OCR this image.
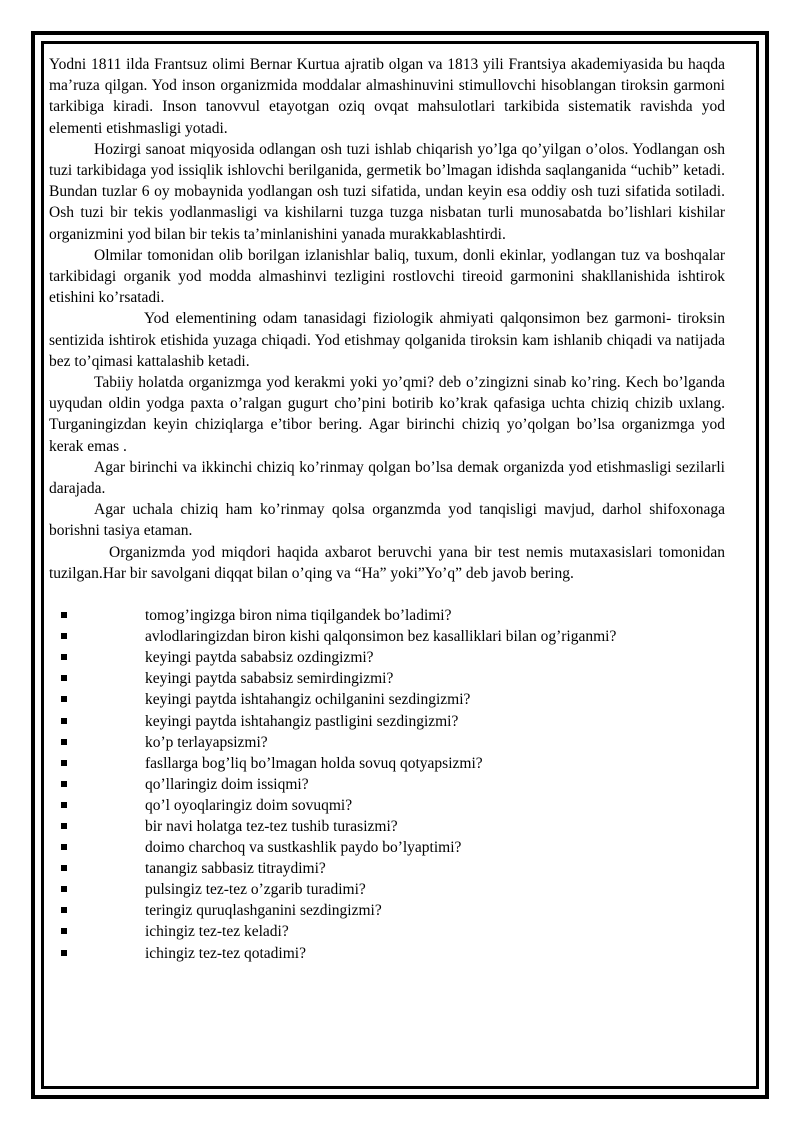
Yodni 1811 ilda Frantsuz olimi Bernar Kurtua ajratib olgan va 1813 yili Frantsiya akademiyasida bu haqda ma’ruza qilgan. Yod inson organizmida moddalar almashinuvini stimullovchi hisoblangan tiroksin garmoni tarkibiga kiradi. Inson tanovvul etayotgan oziq ovqat mahsulotlari tarkibida sistematik ravishda yod elementi etishmasligi yotadi.

Hozirgi sanoat miqyosida odlangan osh tuzi ishlab chiqarish yo’lga qo’yilgan o’olos. Yodlangan osh tuzi tarkibidaga yod issiqlik ishlovchi berilganida, germetik bo’lmagan idishda saqlanganida “uchib” ketadi. Bundan tuzlar 6 oy mobaynida yodlangan osh tuzi sifatida, undan keyin esa oddiy osh tuzi sifatida sotiladi. Osh tuzi bir tekis yodlanmasligi va kishilarni tuzga tuzga nisbatan turli munosabatda bo’lishlari kishilar organizmini yod bilan bir tekis ta’minlanishini yanada murakkablashtirdi.

Olmilar tomonidan olib borilgan izlanishlar baliq, tuxum, donli ekinlar, yodlangan tuz va boshqalar tarkibidagi organik yod modda almashinvi tezligini rostlovchi tireoid garmonini shakllanishida ishtirok etishini ko’rsatadi.

Yod elementining odam tanasidagi fiziologik ahmiyati qalqonsimon bez garmoni- tiroksin sentizida ishtirok etishida yuzaga chiqadi. Yod etishmay qolganida tiroksin kam ishlanib chiqadi va natijada bez to’qimasi kattalashib ketadi.

Tabiiy holatda organizmga yod kerakmi yoki yo’qmi? deb o’zingizni sinab ko’ring. Kech bo’lganda uyqudan oldin yodga paxta o’ralgan gugurt cho’pini botirib ko’krak qafasiga uchta chiziq chizib uxlang. Turganingizdan keyin chiziqlarga e’tibor bering. Agar birinchi chiziq yo’qolgan bo’lsa organizmga yod kerak emas .

Agar birinchi va ikkinchi chiziq ko’rinmay qolgan bo’lsa demak organizda yod etishmasligi sezilarli darajada.

Agar uchala chiziq ham ko’rinmay qolsa organzmda yod tanqisligi mavjud, darhol shifoxonaga borishni tasiya etaman.

Organizmda yod miqdori haqida axbarot beruvchi yana bir test nemis mutaxasislari tomonidan tuzilgan.Har bir savolgani diqqat bilan o’qing va “Ha” yoki”Yo’q” deb javob bering.

tomog’ingizga biron nima tiqilgandek bo’ladimi?
avlodlaringizdan biron kishi qalqonsimon bez kasalliklari bilan og’riganmi?
keyingi paytda sababsiz ozdingizmi?
keyingi paytda sababsiz semirdingizmi?
keyingi paytda ishtahangiz ochilganini sezdingizmi?
keyingi paytda ishtahangiz pastligini sezdingizmi?
ko’p terlayapsizmi?
fasllarga bog’liq bo’lmagan holda sovuq qotyapsizmi?
qo’llaringiz doim issiqmi?
qo’l oyoqlaringiz doim sovuqmi?
bir navi holatga tez-tez tushib turasizmi?
doimo charchoq va sustkashlik paydo bo’lyaptimi?
tanangiz sabbasiz titraydimi?
pulsingiz tez-tez o’zgarib turadimi?
teringiz quruqlashganini sezdingizmi?
ichingiz tez-tez keladi?
ichingiz tez-tez qotadimi?
